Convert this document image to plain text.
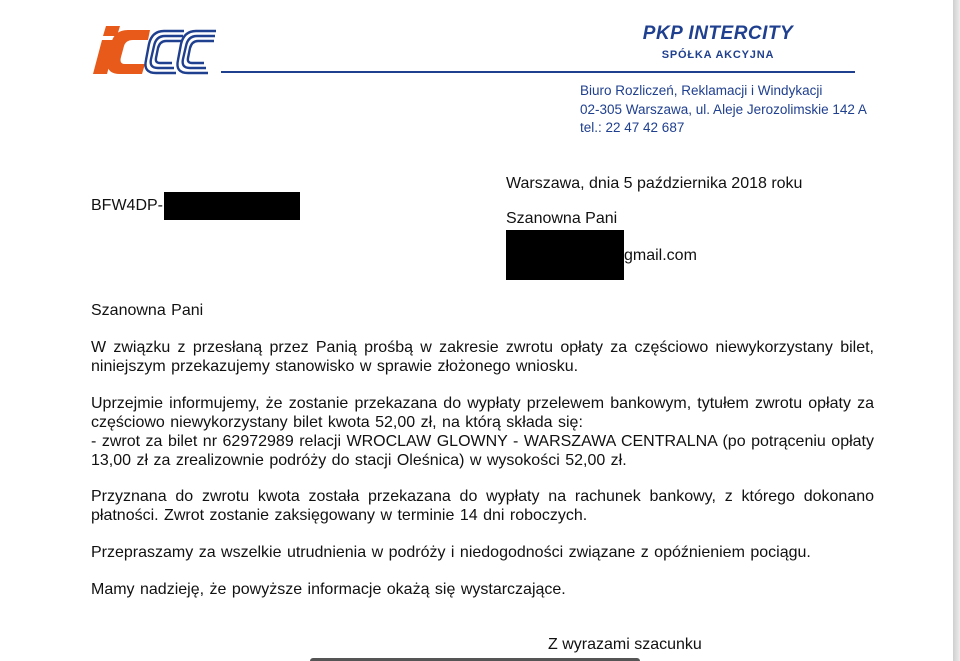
PKP INTERCITY
SPÓŁKA AKCYJNA
Biuro Rozliczeń, Reklamacji i Windykacji
02-305 Warszawa, ul. Aleje Jerozolimskie 142 A
tel.: 22 47 42 687
BFW4DP-
Warszawa, dnia 5 października 2018 roku
Szanowna Pani
gmail.com
Szanowna Pani
W związku z przesłaną przez Panią prośbą w zakresie zwrotu opłaty za częściowo niewykorzystany bilet, niniejszym przekazujemy stanowisko w sprawie złożonego wniosku.
Uprzejmie informujemy, że zostanie przekazana do wypłaty przelewem bankowym, tytułem zwrotu opłaty za częściowo niewykorzystany bilet kwota 52,00 zł, na którą składa się:
- zwrot za bilet nr 62972989 relacji WROCLAW GLOWNY - WARSZAWA CENTRALNA (po potrąceniu opłaty 13,00 zł za zrealizownie podróży do stacji Oleśnica) w wysokości 52,00 zł.
Przyznana do zwrotu kwota została przekazana do wypłaty na rachunek bankowy, z którego dokonano płatności. Zwrot zostanie zaksięgowany w terminie 14 dni roboczych.
Przepraszamy za wszelkie utrudnienia w podróży i niedogodności związane z opóźnieniem pociągu.
Mamy nadzieję, że powyższe informacje okażą się wystarczające.
Z wyrazami szacunku
